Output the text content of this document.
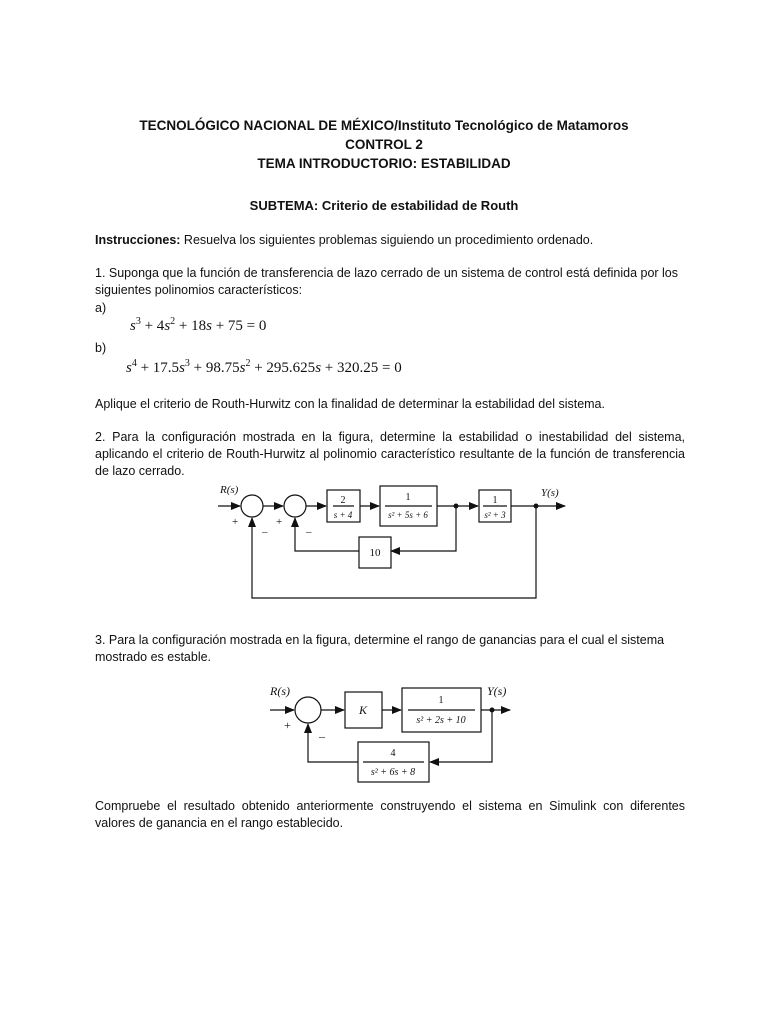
TECNOLÓGICO NACIONAL DE MÉXICO/Instituto Tecnológico de Matamoros
CONTROL 2
TEMA INTRODUCTORIO: ESTABILIDAD
SUBTEMA: Criterio de estabilidad de Routh
Instrucciones: Resuelva los siguientes problemas siguiendo un procedimiento ordenado.
1. Suponga que la función de transferencia de lazo cerrado de un sistema de control está definida por los siguientes polinomios característicos:
a)
$s^3 + 4s^2 + 18s + 75 = 0$
b)
$s^4 + 17.5s^3 + 98.75s^2 + 295.625s + 320.25 = 0$
Aplique el criterio de Routh-Hurwitz con la finalidad de determinar la estabilidad del sistema.
2. Para la configuración mostrada en la figura, determine la estabilidad o inestabilidad del sistema, aplicando el criterio de Routh-Hurwitz al polinomio característico resultante de la función de transferencia de lazo cerrado.
3. Para la configuración mostrada en la figura, determine el rango de ganancias para el cual el sistema mostrado es estable.
Compruebe el resultado obtenido anteriormente construyendo el sistema en Simulink con diferentes valores de ganancia en el rango establecido.
R(s)	Y(s)
2
s + 4
1
s² + 5s + 6
1
s² + 3
10
+
–
+
–
R(s)	Y(s)
K
1
s² + 2s + 10
4
s² + 6s + 8
+
–
